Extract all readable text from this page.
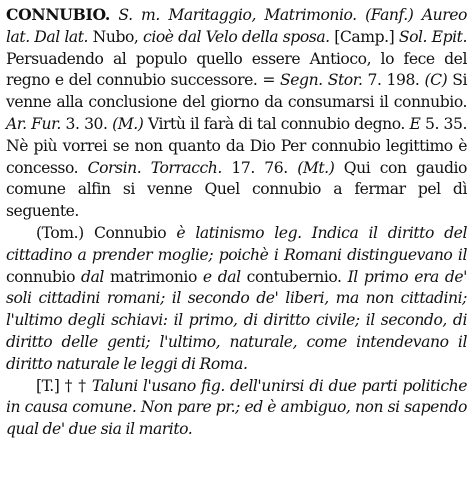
CONNUBIO. S. m. Maritaggio, Matrimonio. (Fanf.) Aureo lat. Dal lat. Nubo, cioè dal Velo della sposa. [Camp.] Sol. Epit. Persuadendo al populo quello essere Antioco, lo fece del regno e del connubio successore. = Segn. Stor. 7. 198. (C) Si venne alla conclusione del giorno da consumarsi il connubio. Ar. Fur. 3. 30. (M.) Virtù il farà di tal connubio degno. E 5. 35. Nè più vorrei se non quanto da Dio Per connubio legittimo è concesso. Corsin. Torracch. 17. 76. (Mt.) Qui con gaudio comune alfin si venne Quel connubio a fermar pel dì seguente.

(Tom.) Connubio è latinismo leg. Indica il diritto del cittadino a prender moglie; poichè i Romani distinguevano il connubio dal matrimonio e dal contubernio. Il primo era de' soli cittadini romani; il secondo de' liberi, ma non cittadini; l'ultimo degli schiavi: il primo, di diritto civile; il secondo, di diritto delle genti; l'ultimo, naturale, come intendevano il diritto naturale le leggi di Roma.

[T.] † † Taluni l'usano fig. dell'unirsi di due parti politiche in causa comune. Non pare pr.; ed è ambiguo, non si sapendo qual de' due sia il marito.
